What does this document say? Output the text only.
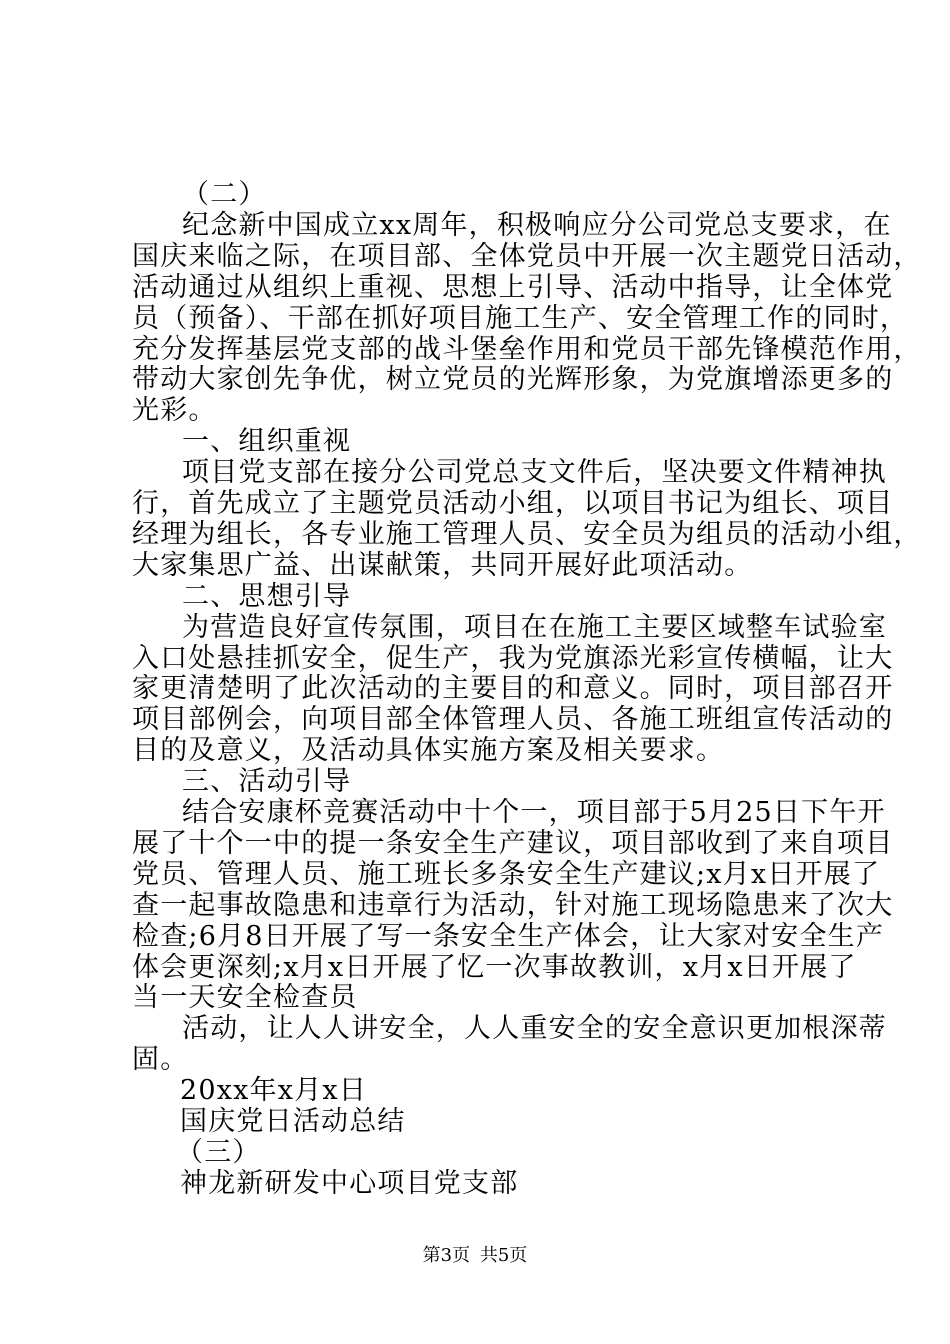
（二）
纪念新中国成立xx周年，积极响应分公司党总支要求，在
国庆来临之际，在项目部、全体党员中开展一次主题党日活动，
活动通过从组织上重视、思想上引导、活动中指导，让全体党
员（预备）、干部在抓好项目施工生产、安全管理工作的同时，
充分发挥基层党支部的战斗堡垒作用和党员干部先锋模范作用，
带动大家创先争优，树立党员的光辉形象，为党旗增添更多的
光彩。
一、组织重视
项目党支部在接分公司党总支文件后，坚决要文件精神执
行，首先成立了主题党员活动小组，以项目书记为组长、项目
经理为组长，各专业施工管理人员、安全员为组员的活动小组，
大家集思广益、出谋献策，共同开展好此项活动。
二、思想引导
为营造良好宣传氛围，项目在在施工主要区域整车试验室
入口处悬挂抓安全，促生产，我为党旗添光彩宣传横幅，让大
家更清楚明了此次活动的主要目的和意义。同时，项目部召开
项目部例会，向项目部全体管理人员、各施工班组宣传活动的
目的及意义，及活动具体实施方案及相关要求。
三、活动引导
结合安康杯竞赛活动中十个一，项目部于5月25日下午开
展了十个一中的提一条安全生产建议，项目部收到了来自项目
党员、管理人员、施工班长多条安全生产建议;x月x日开展了
查一起事故隐患和违章行为活动，针对施工现场隐患来了次大
检查;6月8日开展了写一条安全生产体会，让大家对安全生产
体会更深刻;x月x日开展了忆一次事故教训，x月x日开展了
当一天安全检查员
活动，让人人讲安全，人人重安全的安全意识更加根深蒂
固。
20xx年x月x日
国庆党日活动总结
（三）
神龙新研发中心项目党支部
第3页 共5页
